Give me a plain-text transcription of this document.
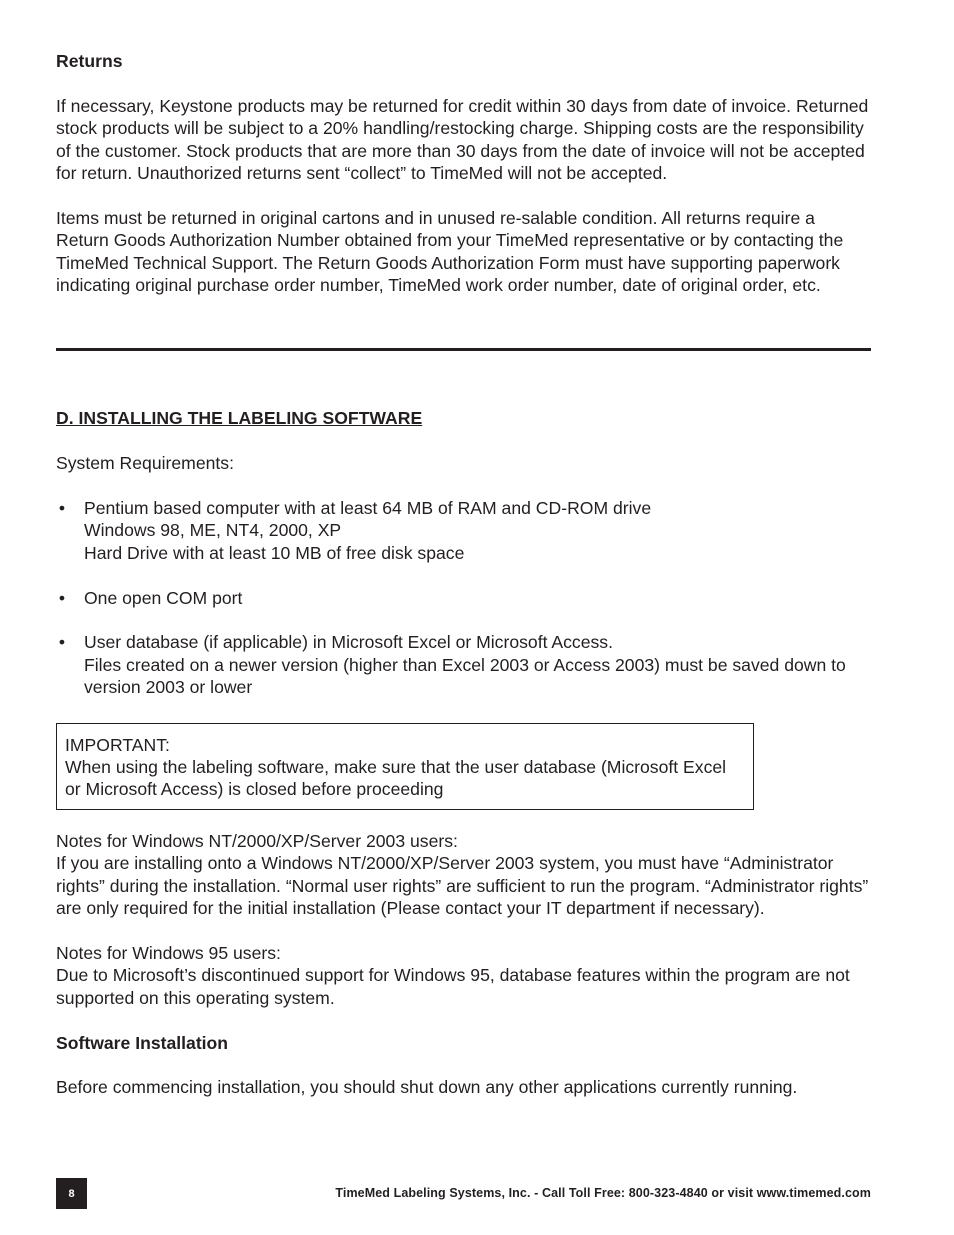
Returns

If necessary, Keystone products may be returned for credit within 30 days from date of invoice. Returned stock products will be subject to a 20% handling/restocking charge. Shipping costs are the responsibility of the customer. Stock products that are more than 30 days from the date of invoice will not be accepted for return. Unauthorized returns sent “collect” to TimeMed will not be accepted.

Items must be returned in original cartons and in unused re-salable condition. All returns require a Return Goods Authorization Number obtained from your TimeMed representative or by contacting the TimeMed Technical Support. The Return Goods Authorization Form must have supporting paperwork indicating original purchase order number, TimeMed work order number, date of original order, etc.

D. INSTALLING THE LABELING SOFTWARE

System Requirements:

• Pentium based computer with at least 64 MB of RAM and CD-ROM drive
Windows 98, ME, NT4, 2000, XP
Hard Drive with at least 10 MB of free disk space
• One open COM port
• User database (if applicable) in Microsoft Excel or Microsoft Access.
Files created on a newer version (higher than Excel 2003 or Access 2003) must be saved down to version 2003 or lower

IMPORTANT:

When using the labeling software, make sure that the user database (Microsoft Excel or Microsoft Access) is closed before proceeding

Notes for Windows NT/2000/XP/Server 2003 users:

If you are installing onto a Windows NT/2000/XP/Server 2003 system, you must have “Administrator rights” during the installation. “Normal user rights” are sufficient to run the program. “Administrator rights” are only required for the initial installation (Please contact your IT department if necessary).

Notes for Windows 95 users:

Due to Microsoft’s discontinued support for Windows 95, database features within the program are not supported on this operating system.

Software Installation

Before commencing installation, you should shut down any other applications currently running.

8	TimeMed Labeling Systems, Inc. - Call Toll Free: 800-323-4840 or visit www.timemed.com
